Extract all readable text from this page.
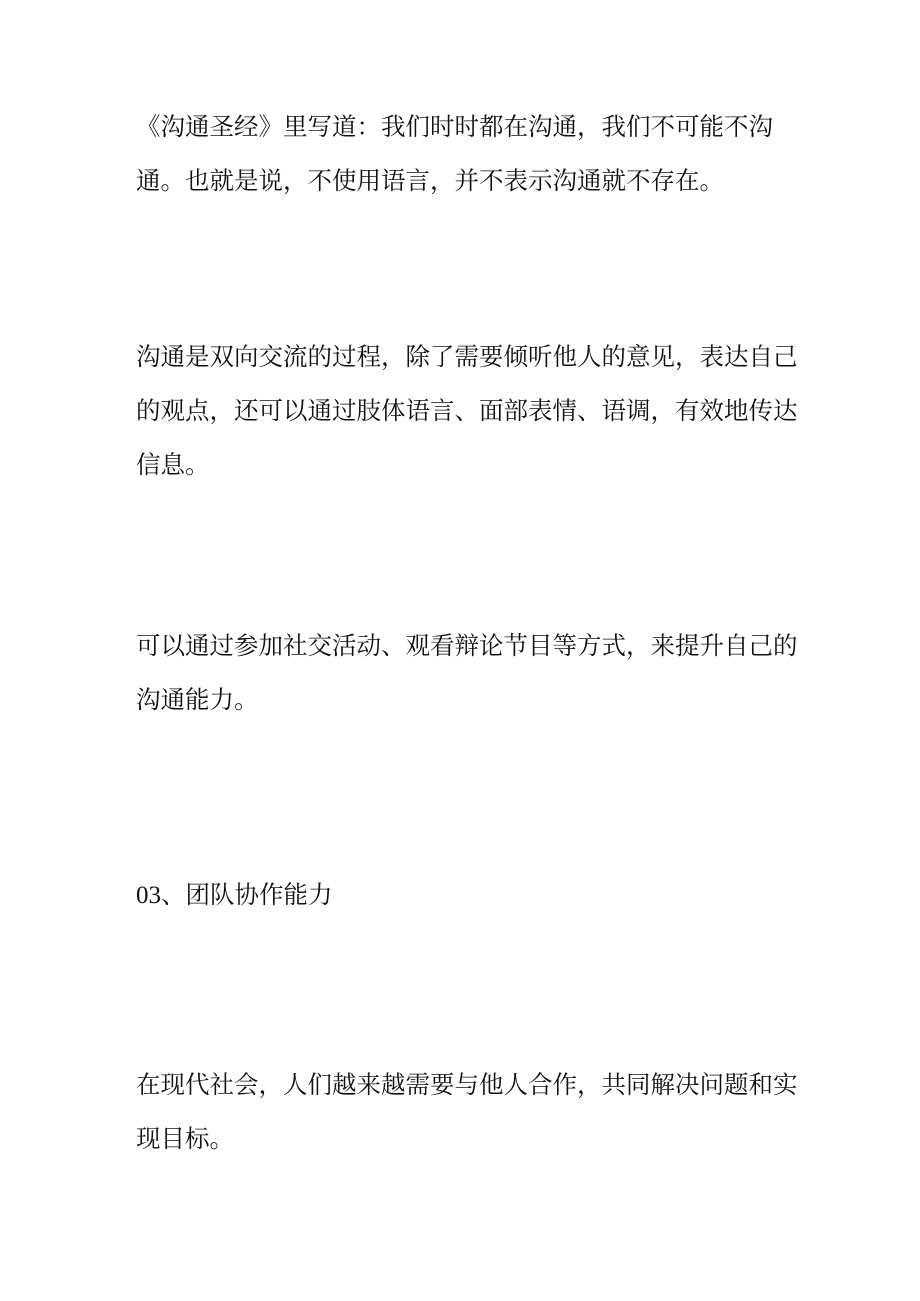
《沟通圣经》里写道：我们时时都在沟通，我们不可能不沟
通。也就是说，不使用语言，并不表示沟通就不存在。

沟通是双向交流的过程，除了需要倾听他人的意见，表达自己
的观点，还可以通过肢体语言、面部表情、语调，有效地传达
信息。

可以通过参加社交活动、观看辩论节目等方式，来提升自己的
沟通能力。

03、团队协作能力

在现代社会，人们越来越需要与他人合作，共同解决问题和实
现目标。
